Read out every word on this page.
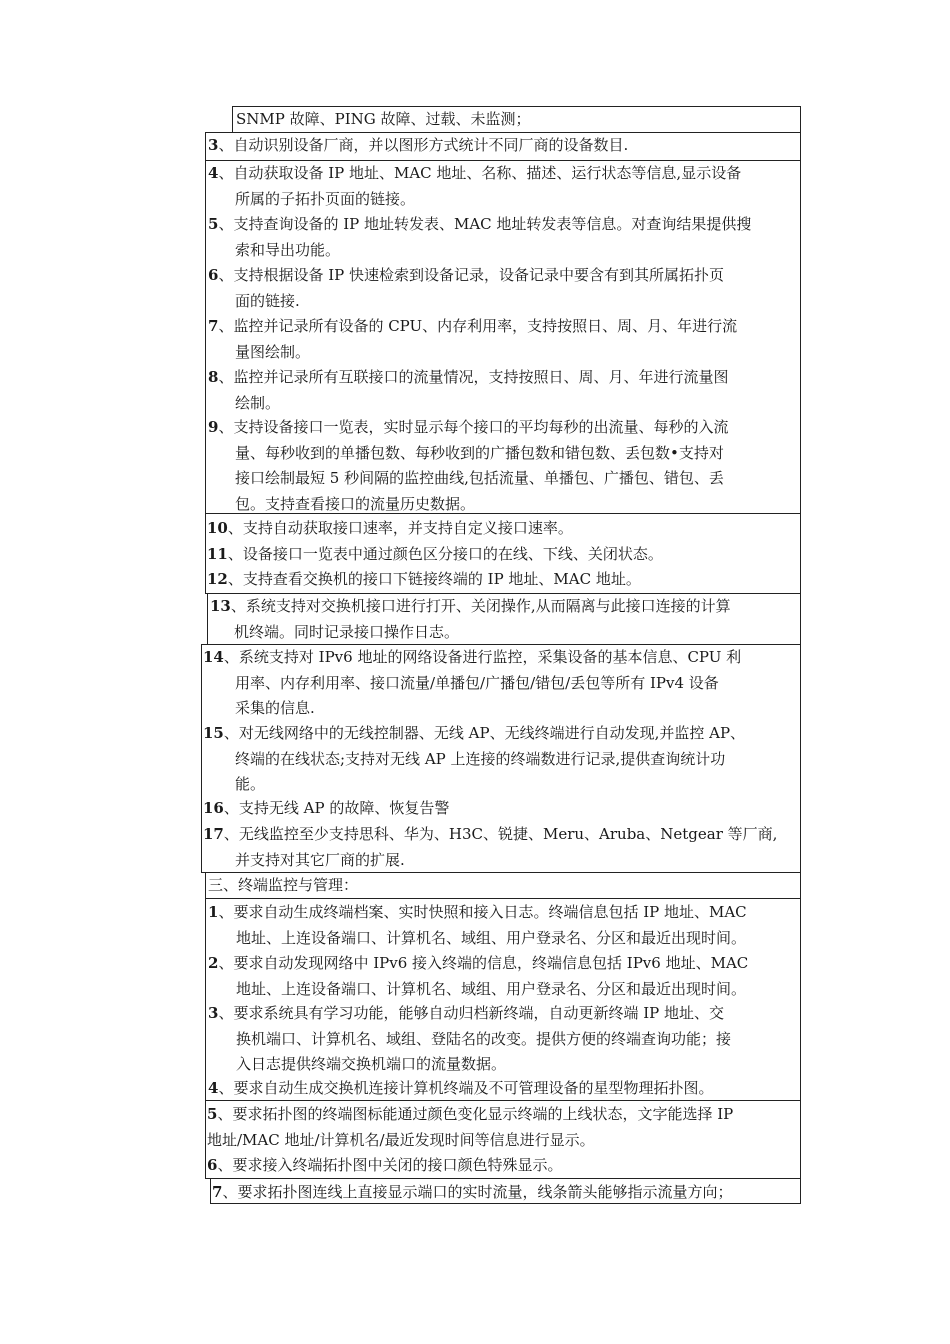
SNMP 故障、PING 故障、过载、未监测；
3、自动识别设备厂商，并以图形方式统计不同厂商的设备数目.
4、自动获取设备 IP 地址、MAC 地址、名称、描述、运行状态等信息,显示设备
所属的子拓扑页面的链接。
5、支持查询设备的 IP 地址转发表、MAC 地址转发表等信息。对查询结果提供搜
索和导出功能。
6、支持根据设备 IP 快速检索到设备记录，设备记录中要含有到其所属拓扑页
面的链接.
7、监控并记录所有设备的 CPU、内存利用率，支持按照日、周、月、年进行流
量图绘制。
8、监控并记录所有互联接口的流量情况，支持按照日、周、月、年进行流量图
绘制。
9、支持设备接口一览表，实时显示每个接口的平均每秒的出流量、每秒的入流
量、每秒收到的单播包数、每秒收到的广播包数和错包数、丢包数•支持对
接口绘制最短 5 秒间隔的监控曲线,包括流量、单播包、广播包、错包、丢
包。支持查看接口的流量历史数据。
10、支持自动获取接口速率，并支持自定义接口速率。
11、设备接口一览表中通过颜色区分接口的在线、下线、关闭状态。
12、支持查看交换机的接口下链接终端的 IP 地址、MAC 地址。
13、系统支持对交换机接口进行打开、关闭操作,从而隔离与此接口连接的计算
机终端。同时记录接口操作日志。
14、系统支持对 IPv6 地址的网络设备进行监控，采集设备的基本信息、CPU 利
用率、内存利用率、接口流量/单播包/广播包/错包/丢包等所有 IPv4 设备
采集的信息.
15、对无线网络中的无线控制器、无线 AP、无线终端进行自动发现,并监控 AP、
终端的在线状态;支持对无线 AP 上连接的终端数进行记录,提供查询统计功
能。
16、支持无线 AP 的故障、恢复告警
17、无线监控至少支持思科、华为、H3C、锐捷、Meru、Aruba、Netgear 等厂商,
并支持对其它厂商的扩展.
三、终端监控与管理：
1、要求自动生成终端档案、实时快照和接入日志。终端信息包括 IP 地址、MAC
地址、上连设备端口、计算机名、域组、用户登录名、分区和最近出现时间。
2、要求自动发现网络中 IPv6 接入终端的信息，终端信息包括 IPv6 地址、MAC
地址、上连设备端口、计算机名、域组、用户登录名、分区和最近出现时间。
3、要求系统具有学习功能，能够自动归档新终端，自动更新终端 IP 地址、交
换机端口、计算机名、域组、登陆名的改变。提供方便的终端查询功能；接
入日志提供终端交换机端口的流量数据。
4、要求自动生成交换机连接计算机终端及不可管理设备的星型物理拓扑图。
5、要求拓扑图的终端图标能通过颜色变化显示终端的上线状态，文字能选择 IP
地址/MAC 地址/计算机名/最近发现时间等信息进行显示。
6、要求接入终端拓扑图中关闭的接口颜色特殊显示。
7、要求拓扑图连线上直接显示端口的实时流量，线条箭头能够指示流量方向；
